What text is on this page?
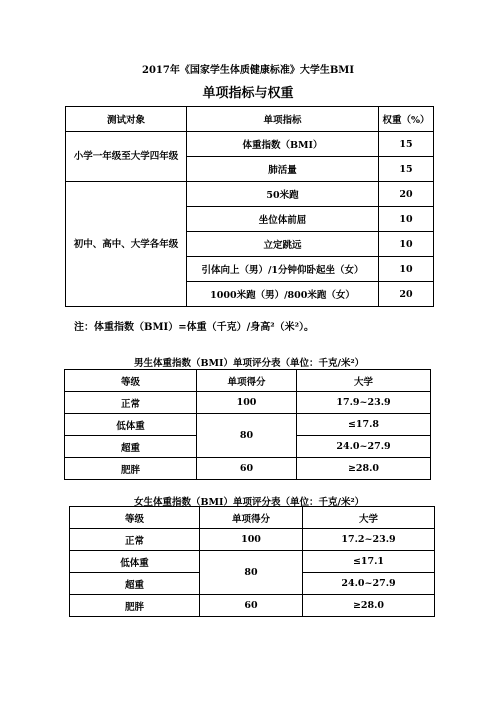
2017年《国家学生体质健康标准》大学生BMI
单项指标与权重
测试对象	单项指标	权重（%）
小学一年级至大学四年级	体重指数（BMI）	15
	肺活量	15
初中、高中、大学各年级	50米跑	20
	坐位体前屈	10
	立定跳远	10
	引体向上（男）/1分钟仰卧起坐（女）	10
	1000米跑（男）/800米跑（女）	20
注：体重指数（BMI）=体重（千克）/身高²（米²）。
男生体重指数（BMI）单项评分表（单位：千克/米²）
等级	单项得分	大学
正常	100	17.9~23.9
低体重	80	≤17.8
超重		24.0~27.9
肥胖	60	≥28.0
女生体重指数（BMI）单项评分表（单位：千克/米²）
等级	单项得分	大学
正常	100	17.2~23.9
低体重	80	≤17.1
超重		24.0~27.9
肥胖	60	≥28.0
